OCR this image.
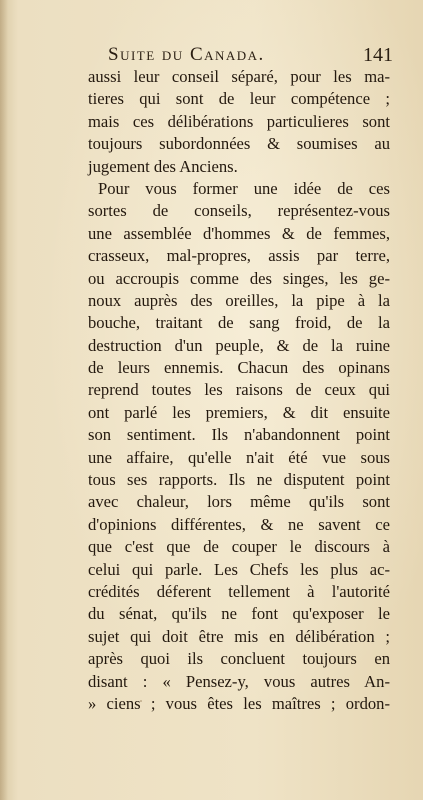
Suite du Canada.	141
aussi leur conseil séparé, pour les ma-
tieres qui sont de leur compétence ;
mais ces délibérations particulieres sont
toujours subordonnées & soumises au
jugement des Anciens.
Pour vous former une idée de ces
sortes de conseils, représentez-vous
une assemblée d'hommes & de femmes,
crasseux, mal-propres, assis par terre,
ou accroupis comme des singes, les ge-
noux auprès des oreilles, la pipe à la
bouche, traitant de sang froid, de la
destruction d'un peuple, & de la ruine
de leurs ennemis. Chacun des opinans
reprend toutes les raisons de ceux qui
ont parlé les premiers, & dit ensuite
son sentiment. Ils n'abandonnent point
une affaire, qu'elle n'ait été vue sous
tous ses rapports. Ils ne disputent point
avec chaleur, lors même qu'ils sont
d'opinions différentes, & ne savent ce
que c'est que de couper le discours à
celui qui parle. Les Chefs les plus ac-
crédités déferent tellement à l'autorité
du sénat, qu'ils ne font qu'exposer le
sujet qui doit être mis en délibération ;
après quoi ils concluent toujours en
disant : « Pensez-y, vous autres An-
» ciens ; vous êtes les maîtres ; ordon-
